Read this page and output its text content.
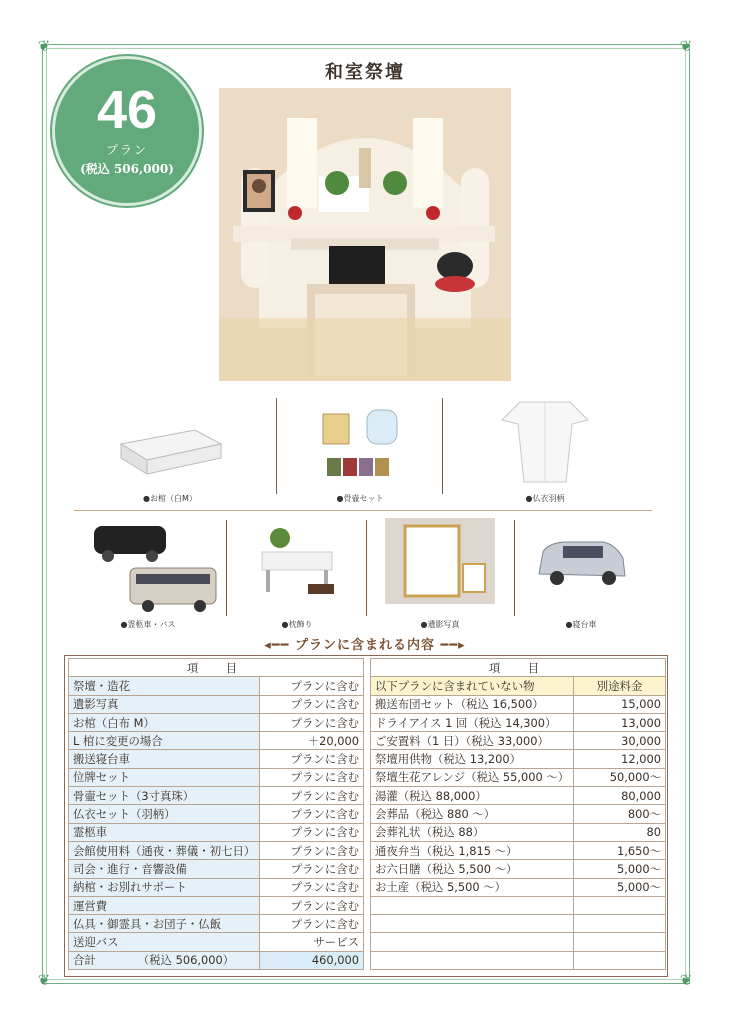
❦	❦
❦	❦
46
プラン
(税込 506,000)
和室祭壇
●お棺（白M）	●骨壷セット	●仏衣羽柄
●霊柩車・バス	●枕飾り	●遺影写真	●寝台車
◂━━ プランに含まれる内容 ━━▸
項　目	
祭壇・造花	プランに含む
遺影写真	プランに含む
お棺（白布 M）	プランに含む
L 棺に変更の場合	＋20,000
搬送寝台車	プランに含む
位牌セット	プランに含む
骨壷セット（3寸真珠）	プランに含む
仏衣セット（羽柄）	プランに含む
霊柩車	プランに含む
会館使用料（通夜・葬儀・初七日）	プランに含む
司会・進行・音響設備	プランに含む
納棺・お別れサポート	プランに含む
運営費	プランに含む
仏具・御霊具・お団子・仏飯	プランに含む
送迎バス	サービス
合計 （税込 506,000）	460,000
項　目	
以下プランに含まれていない物	別途料金
搬送布団セット（税込 16,500）	15,000
ドライアイス 1 回（税込 14,300）	13,000
ご安置料（1 日）（税込 33,000）	30,000
祭壇用供物（税込 13,200）	12,000
祭壇生花アレンジ（税込 55,000 〜）	50,000〜
湯灌（税込 88,000）	80,000
会葬品（税込 880 〜）	800〜
会葬礼状（税込 88）	80
通夜弁当（税込 1,815 〜）	1,650〜
お六日膳（税込 5,500 〜）	5,000〜
お土産（税込 5,500 〜）	5,000〜
